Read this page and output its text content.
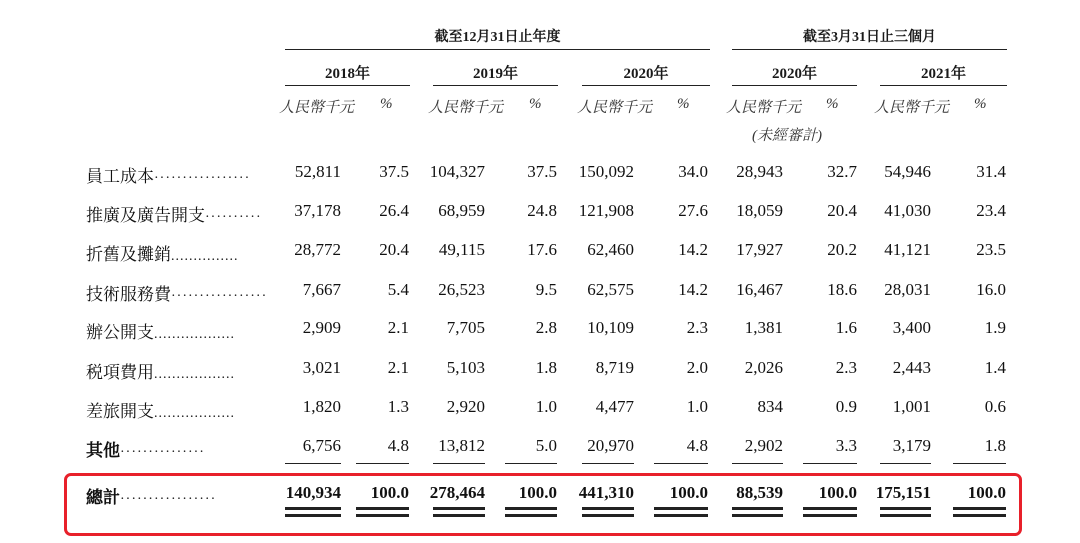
截至12月31日止年度	截至3月31日止三個月
2018年	2019年	2020年	2020年	2021年
人民幣千元 % 人民幣千元 % 人民幣千元 % 人民幣千元 % 人民幣千元 %
(未經審計)
員工成本·················	52,811	37.5	104,327	37.5	150,092	34.0	28,943	32.7	54,946	31.4
推廣及廣告開支··········	37,178	26.4	68,959	24.8	121,908	27.6	18,059	20.4	41,030	23.4
折舊及攤銷...............	28,772	20.4	49,115	17.6	62,460	14.2	17,927	20.2	41,121	23.5
技術服務費·················	7,667	5.4	26,523	9.5	62,575	14.2	16,467	18.6	28,031	16.0
辦公開支..................	2,909	2.1	7,705	2.8	10,109	2.3	1,381	1.6	3,400	1.9
税項費用..................	3,021	2.1	5,103	1.8	8,719	2.0	2,026	2.3	2,443	1.4
差旅開支..................	1,820	1.3	2,920	1.0	4,477	1.0	834	0.9	1,001	0.6
其他···············	6,756	4.8	13,812	5.0	20,970	4.8	2,902	3.3	3,179	1.8
總計·················	140,934	100.0	278,464	100.0	441,310	100.0	88,539	100.0	175,151	100.0
